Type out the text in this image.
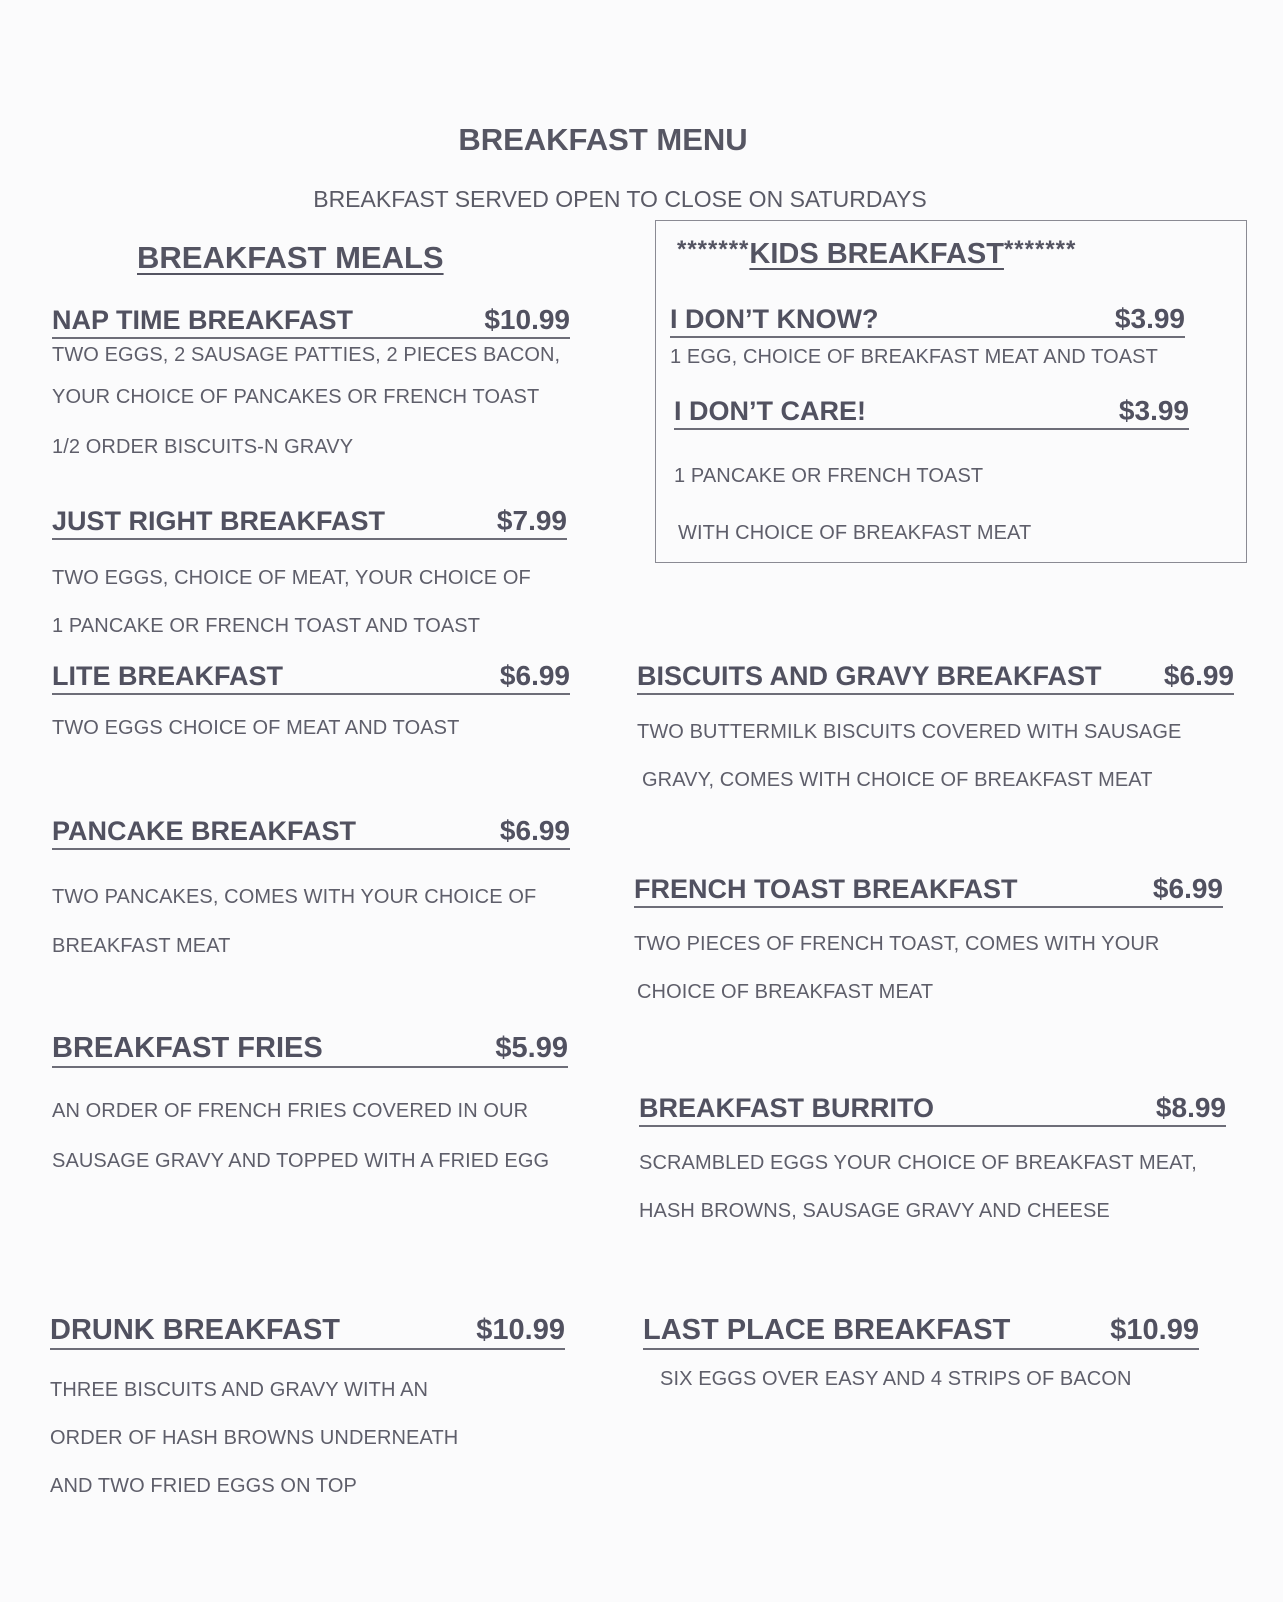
BREAKFAST MENU
BREAKFAST SERVED OPEN TO CLOSE ON SATURDAYS
BREAKFAST MEALS	*******KIDS BREAKFAST*******
I DON’T KNOW?	$3.99
1 EGG, CHOICE OF BREAKFAST MEAT AND TOAST
I DON’T CARE!	$3.99
1 PANCAKE OR FRENCH TOAST
WITH CHOICE OF BREAKFAST MEAT
NAP TIME BREAKFAST	$10.99
TWO EGGS, 2 SAUSAGE PATTIES, 2 PIECES BACON,
YOUR CHOICE OF PANCAKES OR FRENCH TOAST
1/2 ORDER BISCUITS-N GRAVY
JUST RIGHT BREAKFAST	$7.99
TWO EGGS, CHOICE OF MEAT, YOUR CHOICE OF
1 PANCAKE OR FRENCH TOAST AND TOAST
LITE BREAKFAST	$6.99
TWO EGGS CHOICE OF MEAT AND TOAST
PANCAKE BREAKFAST	$6.99
TWO PANCAKES, COMES WITH YOUR CHOICE OF
BREAKFAST MEAT
BREAKFAST FRIES	$5.99
AN ORDER OF FRENCH FRIES COVERED IN OUR
SAUSAGE GRAVY AND TOPPED WITH A FRIED EGG
DRUNK BREAKFAST	$10.99
THREE BISCUITS AND GRAVY WITH AN
ORDER OF HASH BROWNS UNDERNEATH
AND TWO FRIED EGGS ON TOP
BISCUITS AND GRAVY BREAKFAST $6.99
TWO BUTTERMILK BISCUITS COVERED WITH SAUSAGE
GRAVY, COMES WITH CHOICE OF BREAKFAST MEAT
FRENCH TOAST BREAKFAST	$6.99
TWO PIECES OF FRENCH TOAST, COMES WITH YOUR
CHOICE OF BREAKFAST MEAT
BREAKFAST BURRITO	$8.99
SCRAMBLED EGGS YOUR CHOICE OF BREAKFAST MEAT,
HASH BROWNS, SAUSAGE GRAVY AND CHEESE
LAST PLACE BREAKFAST	$10.99
SIX EGGS OVER EASY AND 4 STRIPS OF BACON
